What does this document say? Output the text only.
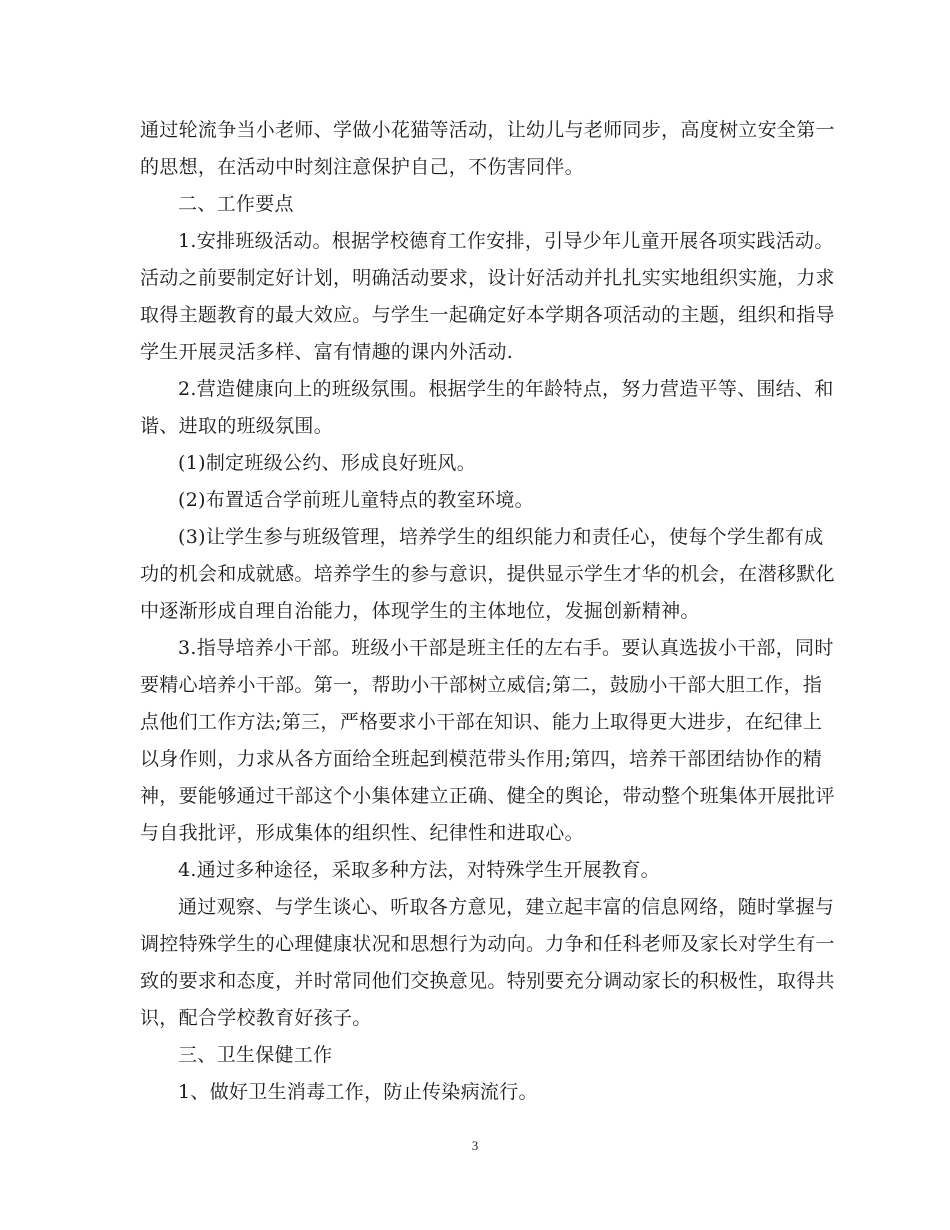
通过轮流争当小老师、学做小花猫等活动，让幼儿与老师同步，高度树立安全第一

的思想，在活动中时刻注意保护自己，不伤害同伴。

二、工作要点

1.安排班级活动。根据学校德育工作安排，引导少年儿童开展各项实践活动。

活动之前要制定好计划，明确活动要求，设计好活动并扎扎实实地组织实施，力求

取得主题教育的最大效应。与学生一起确定好本学期各项活动的主题，组织和指导

学生开展灵活多样、富有情趣的课内外活动.

2.营造健康向上的班级氛围。根据学生的年龄特点，努力营造平等、围结、和

谐、进取的班级氛围。

(1)制定班级公约、形成良好班风。

(2)布置适合学前班儿童特点的教室环境。

(3)让学生参与班级管理，培养学生的组织能力和责任心，使每个学生都有成

功的机会和成就感。培养学生的参与意识，提供显示学生才华的机会，在潜移默化

中逐渐形成自理自治能力，体现学生的主体地位，发掘创新精神。

3.指导培养小干部。班级小干部是班主任的左右手。要认真选拔小干部，同时

要精心培养小干部。第一，帮助小干部树立威信;第二，鼓励小干部大胆工作，指

点他们工作方法;第三，严格要求小干部在知识、能力上取得更大进步，在纪律上

以身作则，力求从各方面给全班起到模范带头作用;第四，培养干部团结协作的精

神，要能够通过干部这个小集体建立正确、健全的舆论，带动整个班集体开展批评

与自我批评，形成集体的组织性、纪律性和进取心。

4.通过多种途径，采取多种方法，对特殊学生开展教育。

通过观察、与学生谈心、听取各方意见，建立起丰富的信息网络，随时掌握与

调控特殊学生的心理健康状况和思想行为动向。力争和任科老师及家长对学生有一

致的要求和态度，并时常同他们交换意见。特别要充分调动家长的积极性，取得共

识，配合学校教育好孩子。

三、卫生保健工作

1、做好卫生消毒工作，防止传染病流行。

3
